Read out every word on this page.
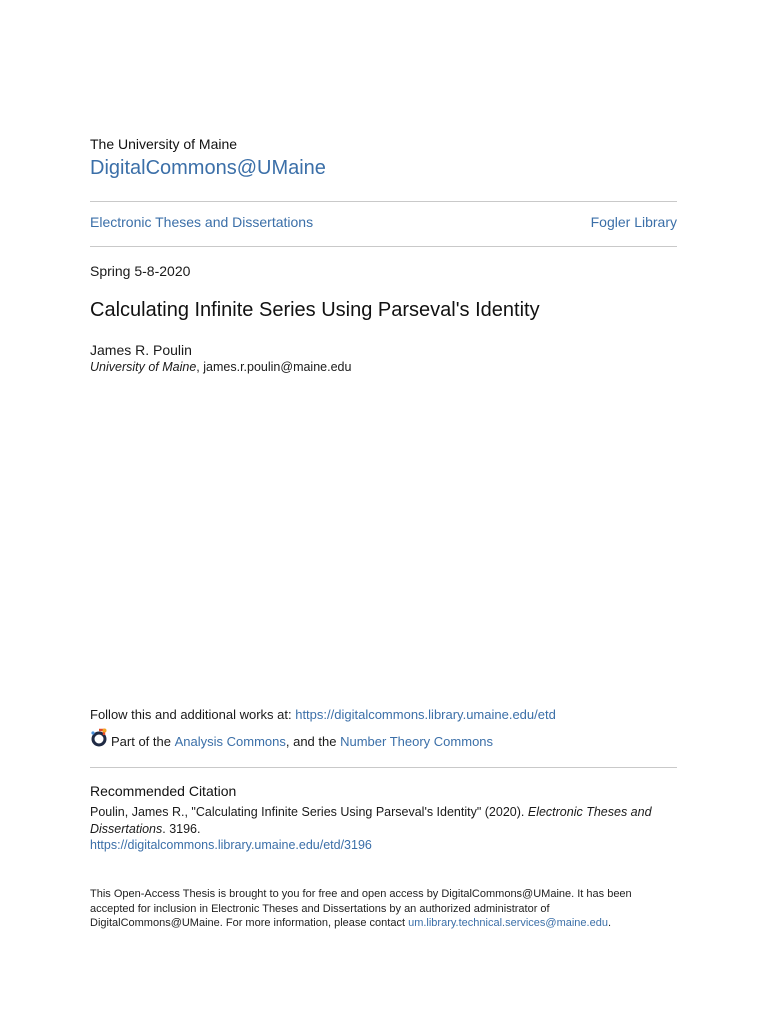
The University of Maine
DigitalCommons@UMaine
Electronic Theses and Dissertations	Fogler Library
Spring 5-8-2020
Calculating Infinite Series Using Parseval's Identity
James R. Poulin
University of Maine, james.r.poulin@maine.edu
Follow this and additional works at: https://digitalcommons.library.umaine.edu/etd
Part of the
Analysis Commons , and the
Number Theory Commons
Recommended Citation
Poulin, James R., "Calculating Infinite Series Using Parseval's Identity" (2020). Electronic Theses and Dissertations. 3196.
https://digitalcommons.library.umaine.edu/etd/3196
This Open-Access Thesis is brought to you for free and open access by DigitalCommons@UMaine. It has been accepted for inclusion in Electronic Theses and Dissertations by an authorized administrator of DigitalCommons@UMaine. For more information, please contact um.library.technical.services@maine.edu.
